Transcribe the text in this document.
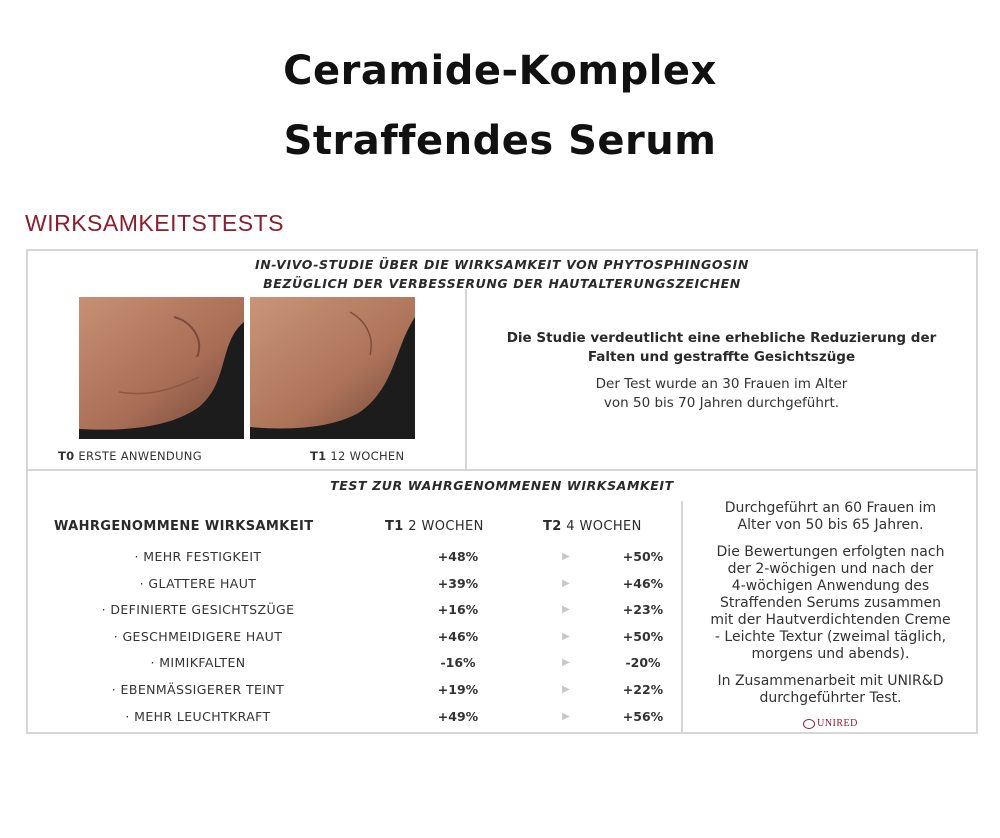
Ceramide-Komplex
Straffendes Serum
WIRKSAMKEITSTESTS
IN-VIVO-STUDIE ÜBER DIE WIRKSAMKEIT VON PHYTOSPHINGOSIN
BEZÜGLICH DER VERBESSERUNG DER HAUTALTERUNGSZEICHEN
T0 ERSTE ANWENDUNG	T1 12 WOCHEN
Die Studie verdeutlicht eine erhebliche Reduzierung der
Falten und gestraffte Gesichtszüge
Der Test wurde an 30 Frauen im Alter
von 50 bis 70 Jahren durchgeführt.
TEST ZUR WAHRGENOMMENEN WIRKSAMKEIT
WAHRGENOMMENE WIRKSAMKEIT	T1 2 WOCHEN	T2 4 WOCHEN
· MEHR FESTIGKEIT	+48%	▶	+50%
· GLATTERE HAUT	+39%	▶	+46%
· DEFINIERTE GESICHTSZÜGE	+16%	▶	+23%
· GESCHMEIDIGERE HAUT	+46%	▶	+50%
· MIMIKFALTEN	-16%	▶	-20%
· EBENMÄSSIGERER TEINT	+19%	▶	+22%
· MEHR LEUCHTKRAFT	+49%	▶	+56%
Durchgeführt an 60 Frauen im
Alter von 50 bis 65 Jahren.
Die Bewertungen erfolgten nach
der 2-wöchigen und nach der
4-wöchigen Anwendung des
Straffenden Serums zusammen
mit der Hautverdichtenden Creme
- Leichte Textur (zweimal täglich,
morgens und abends).
In Zusammenarbeit mit UNIR&D
durchgeführter Test.
UNIRED
